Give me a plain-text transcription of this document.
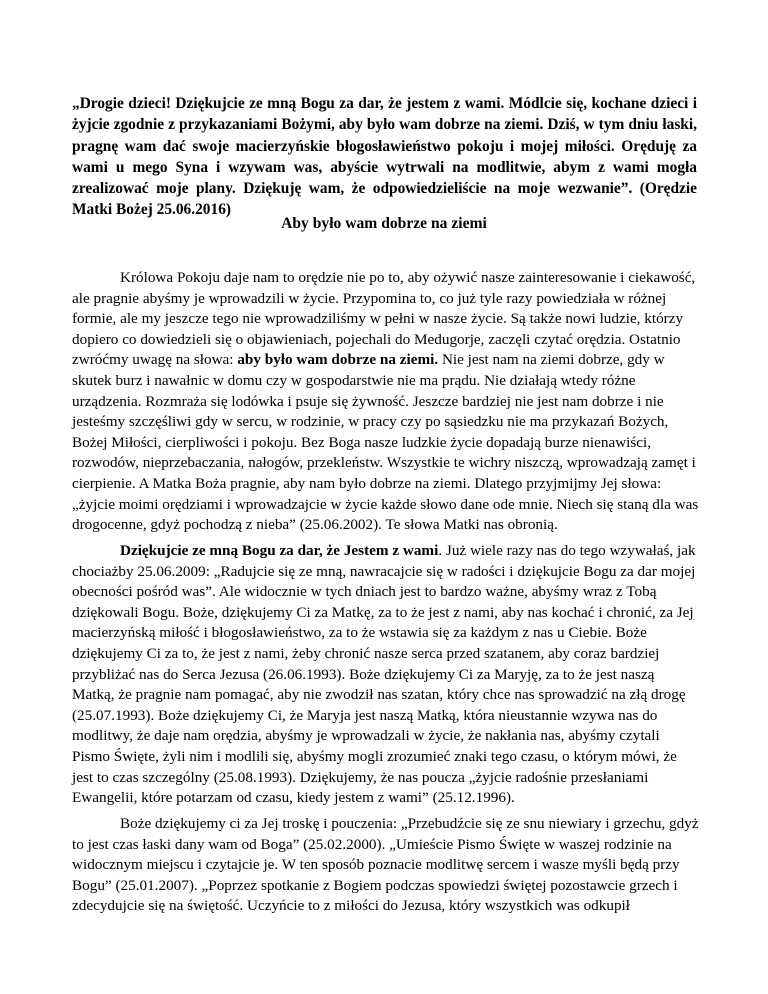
„Drogie dzieci! Dziękujcie ze mną Bogu za dar, że jestem z wami. Módlcie się, kochane dzieci i żyjcie zgodnie z przykazaniami Bożymi, aby było wam dobrze na ziemi. Dziś, w tym dniu łaski, pragnę wam dać swoje macierzyńskie błogosławieństwo pokoju i mojej miłości. Oręduję za wami u mego Syna i wzywam was, abyście wytrwali na modlitwie, abym z wami mogła zrealizować moje plany. Dziękuję wam, że odpowiedzieliście na moje wezwanie”. (Orędzie Matki Bożej 25.06.2016)

Aby było wam dobrze na ziemi

Królowa Pokoju daje nam to orędzie nie po to, aby ożywić nasze zainteresowanie i ciekawość, ale pragnie abyśmy je wprowadzili w życie. Przypomina to, co już tyle razy powiedziała w różnej formie, ale my jeszcze tego nie wprowadziliśmy w pełni w nasze życie. Są także nowi ludzie, którzy dopiero co dowiedzieli się o objawieniach, pojechali do Medugorje, zaczęli czytać orędzia. Ostatnio zwróćmy uwagę na słowa: aby było wam dobrze na ziemi. Nie jest nam na ziemi dobrze, gdy w skutek burz i nawałnic w domu czy w gospodarstwie nie ma prądu. Nie działają wtedy różne urządzenia. Rozmraża się lodówka i psuje się żywność. Jeszcze bardziej nie jest nam dobrze i nie jesteśmy szczęśliwi gdy w sercu, w rodzinie, w pracy czy po sąsiedzku nie ma przykazań Bożych, Bożej Miłości, cierpliwości i pokoju. Bez Boga nasze ludzkie życie dopadają burze nienawiści, rozwodów, nieprzebaczania, nałogów, przekleństw. Wszystkie te wichry niszczą, wprowadzają zamęt i cierpienie. A Matka Boża pragnie, aby nam było dobrze na ziemi. Dlatego przyjmijmy Jej słowa: „żyjcie moimi orędziami i wprowadzajcie w życie każde słowo dane ode mnie. Niech się staną dla was drogocenne, gdyż pochodzą z nieba” (25.06.2002). Te słowa Matki nas obronią.

Dziękujcie ze mną Bogu za dar, że Jestem z wami. Już wiele razy nas do tego wzywałaś, jak chociażby 25.06.2009: „Radujcie się ze mną, nawracajcie się w radości i dziękujcie Bogu za dar mojej obecności pośród was”. Ale widocznie w tych dniach jest to bardzo ważne, abyśmy wraz z Tobą dziękowali Bogu. Boże, dziękujemy Ci za Matkę, za to że jest z nami, aby nas kochać i chronić, za Jej macierzyńską miłość i błogosławieństwo, za to że wstawia się za każdym z nas u Ciebie. Boże dziękujemy Ci za to, że jest z nami, żeby chronić nasze serca przed szatanem, aby coraz bardziej przybliżać nas do Serca Jezusa (26.06.1993). Boże dziękujemy Ci za Maryję, za to że jest naszą Matką, że pragnie nam pomagać, aby nie zwodził nas szatan, który chce nas sprowadzić na złą drogę (25.07.1993). Boże dziękujemy Ci, że Maryja jest naszą Matką, która nieustannie wzywa nas do modlitwy, że daje nam orędzia, abyśmy je wprowadzali w życie, że nakłania nas, abyśmy czytali Pismo Święte, żyli nim i modlili się, abyśmy mogli zrozumieć znaki tego czasu, o którym mówi, że jest to czas szczególny (25.08.1993). Dziękujemy, że nas poucza „żyjcie radośnie przesłaniami Ewangelii, które potarzam od czasu, kiedy jestem z wami” (25.12.1996).

Boże dziękujemy ci za Jej troskę i pouczenia: „Przebudźcie się ze snu niewiary i grzechu, gdyż to jest czas łaski dany wam od Boga” (25.02.2000). „Umieście Pismo Święte w waszej rodzinie na widocznym miejscu i czytajcie je. W ten sposób poznacie modlitwę sercem i wasze myśli będą przy Bogu” (25.01.2007). „Poprzez spotkanie z Bogiem podczas spowiedzi świętej pozostawcie grzech i zdecydujcie się na świętość. Uczyńcie to z miłości do Jezusa, który wszystkich was odkupił
